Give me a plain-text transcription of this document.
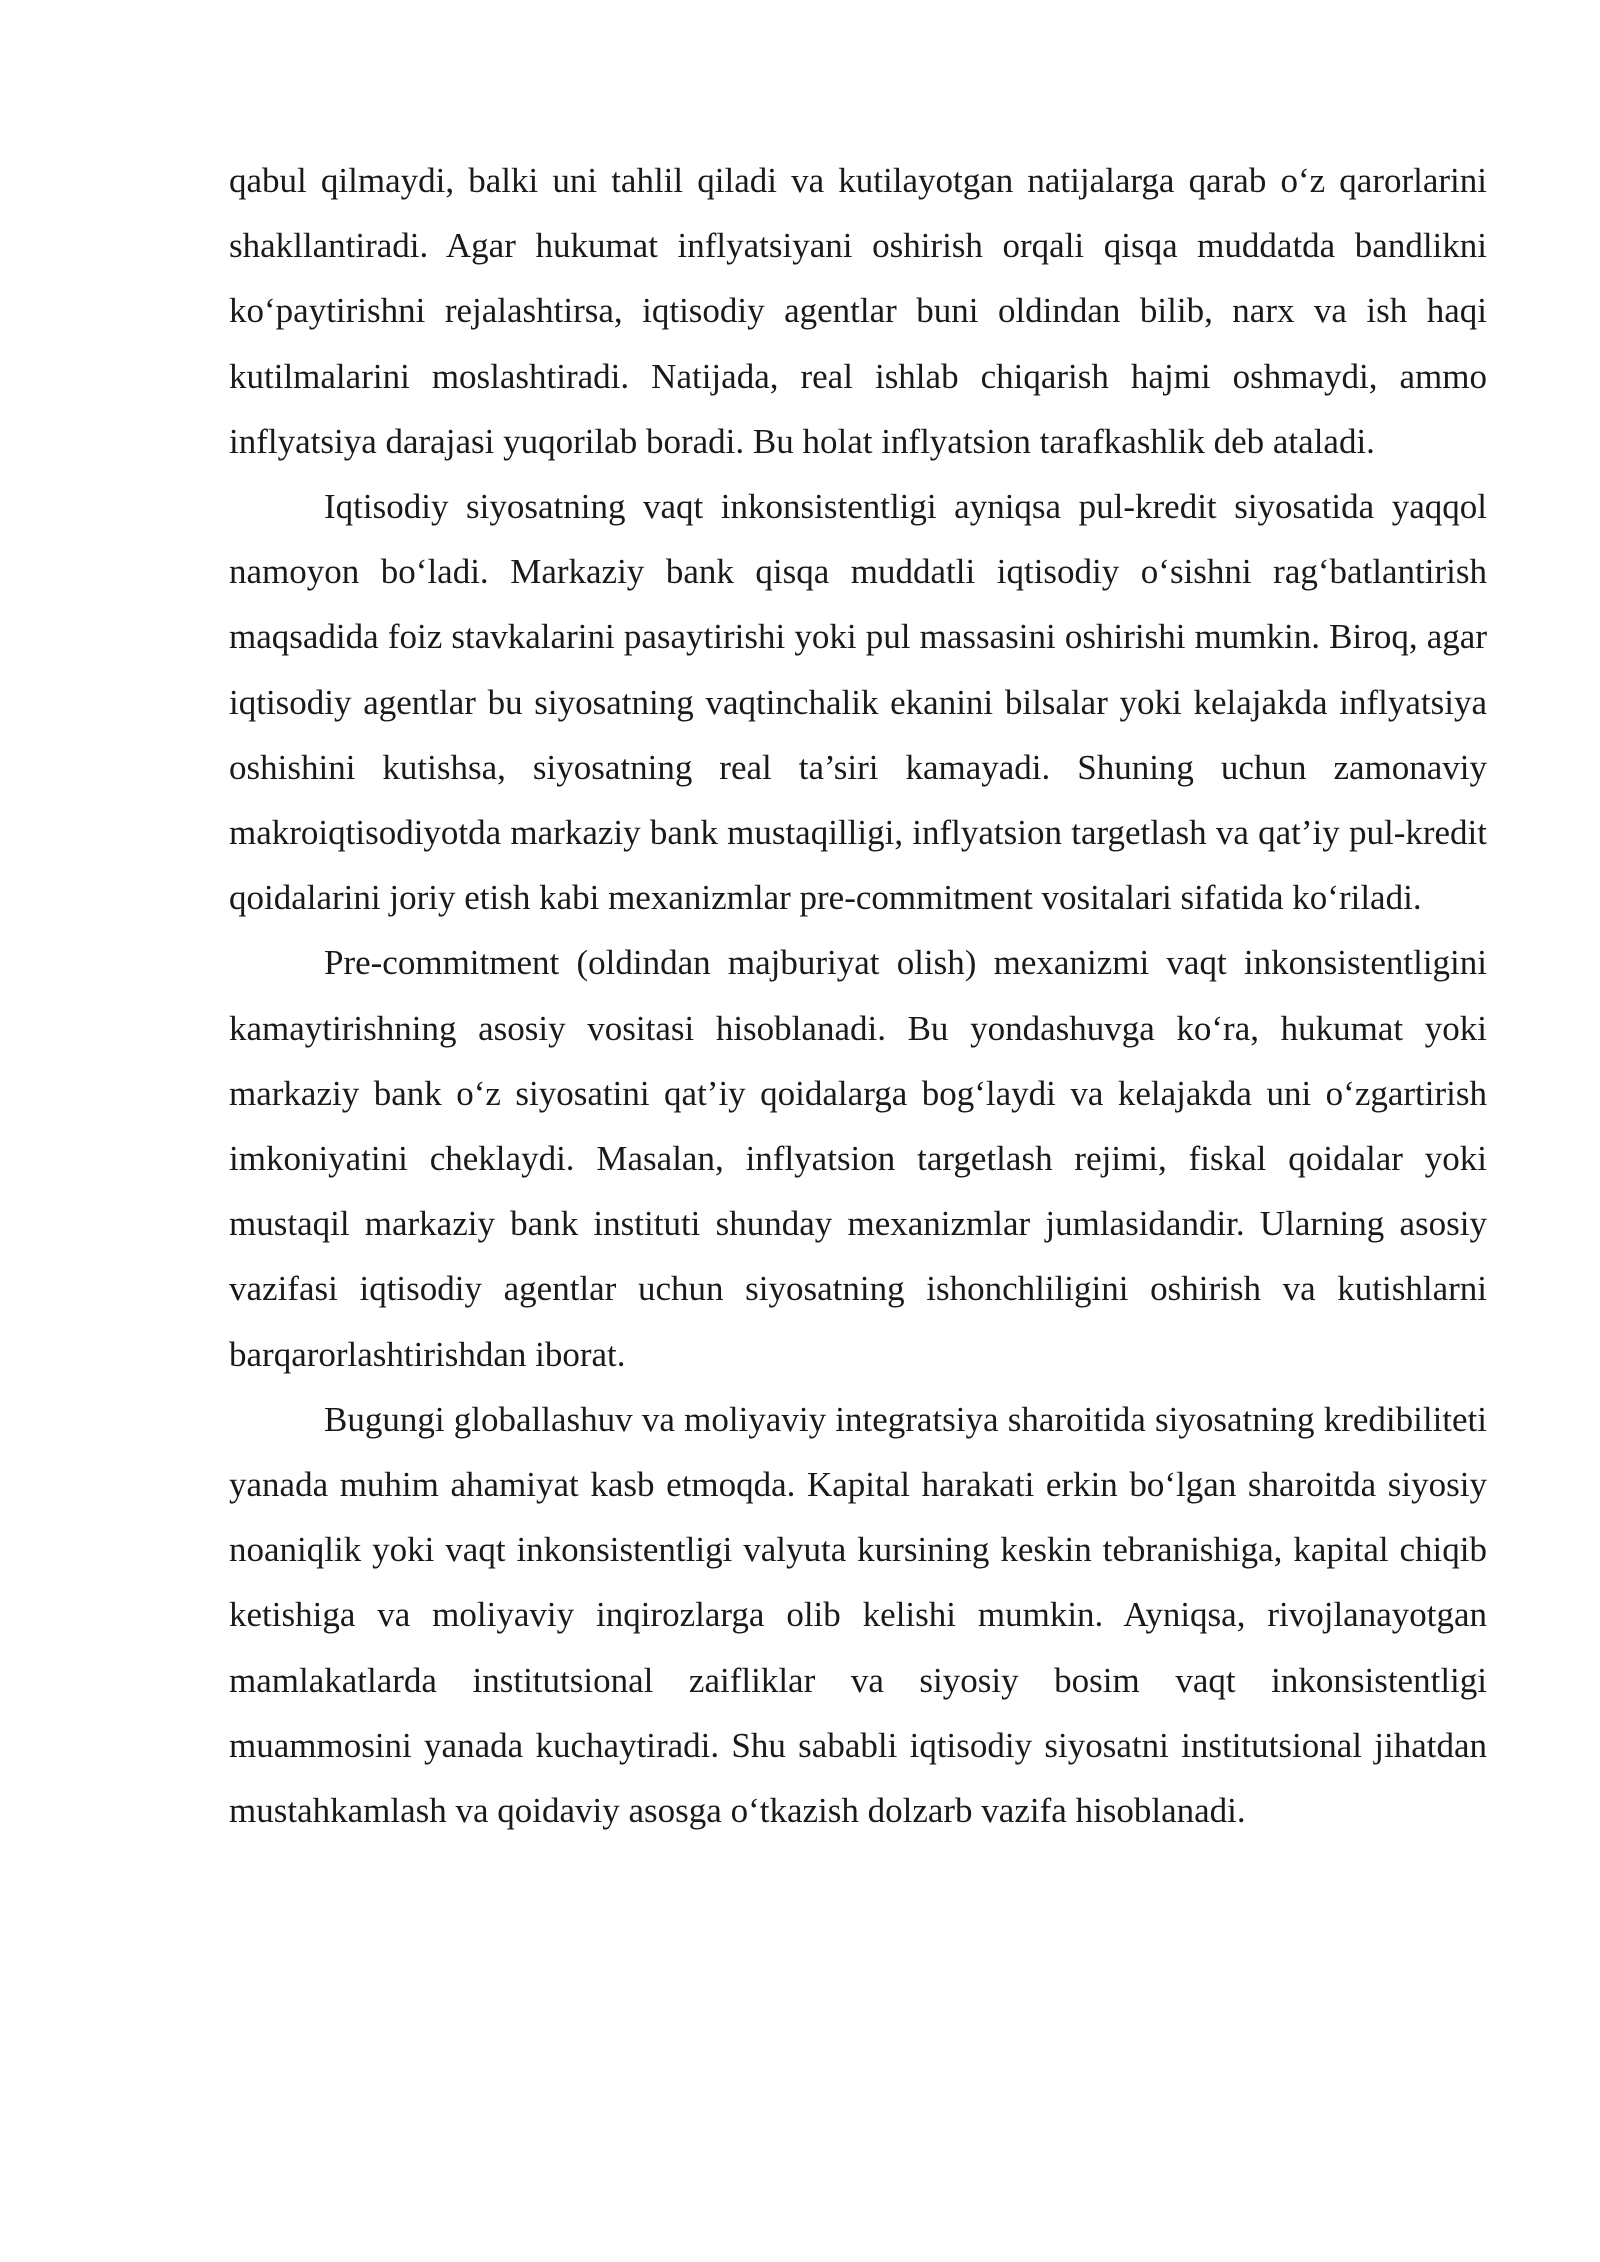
qabul qilmaydi, balki uni tahlil qiladi va kutilayotgan natijalarga qarab o‘z qarorlarini shakllantiradi. Agar hukumat inflyatsiyani oshirish orqali qisqa muddatda bandlikni ko‘paytirishni rejalashtirsa, iqtisodiy agentlar buni oldindan bilib, narx va ish haqi kutilmalarini moslashtiradi. Natijada, real ishlab chiqarish hajmi oshmaydi, ammo inflyatsiya darajasi yuqorilab boradi. Bu holat inflyatsion tarafkashlik deb ataladi.

Iqtisodiy siyosatning vaqt inkonsistentligi ayniqsa pul-kredit siyosatida yaqqol namoyon bo‘ladi. Markaziy bank qisqa muddatli iqtisodiy o‘sishni rag‘batlantirish maqsadida foiz stavkalarini pasaytirishi yoki pul massasini oshirishi mumkin. Biroq, agar iqtisodiy agentlar bu siyosatning vaqtinchalik ekanini bilsalar yoki kelajakda inflyatsiya oshishini kutishsa, siyosatning real ta’siri kamayadi. Shuning uchun zamonaviy makroiqtisodiyotda markaziy bank mustaqilligi, inflyatsion targetlash va qat’iy pul-kredit qoidalarini joriy etish kabi mexanizmlar pre-commitment vositalari sifatida ko‘riladi.

Pre-commitment (oldindan majburiyat olish) mexanizmi vaqt inkonsistentligini kamaytirishning asosiy vositasi hisoblanadi. Bu yondashuvga ko‘ra, hukumat yoki markaziy bank o‘z siyosatini qat’iy qoidalarga bog‘laydi va kelajakda uni o‘zgartirish imkoniyatini cheklaydi. Masalan, inflyatsion targetlash rejimi, fiskal qoidalar yoki mustaqil markaziy bank instituti shunday mexanizmlar jumlasidandir. Ularning asosiy vazifasi iqtisodiy agentlar uchun siyosatning ishonchliligini oshirish va kutishlarni barqarorlashtirishdan iborat.

Bugungi globallashuv va moliyaviy integratsiya sharoitida siyosatning kredibiliteti yanada muhim ahamiyat kasb etmoqda. Kapital harakati erkin bo‘lgan sharoitda siyosiy noaniqlik yoki vaqt inkonsistentligi valyuta kursining keskin tebranishiga, kapital chiqib ketishiga va moliyaviy inqirozlarga olib kelishi mumkin. Ayniqsa, rivojlanayotgan mamlakatlarda institutsional zaifliklar va siyosiy bosim vaqt inkonsistentligi muammosini yanada kuchaytiradi. Shu sababli iqtisodiy siyosatni institutsional jihatdan mustahkamlash va qoidaviy asosga o‘tkazish dolzarb vazifa hisoblanadi.
